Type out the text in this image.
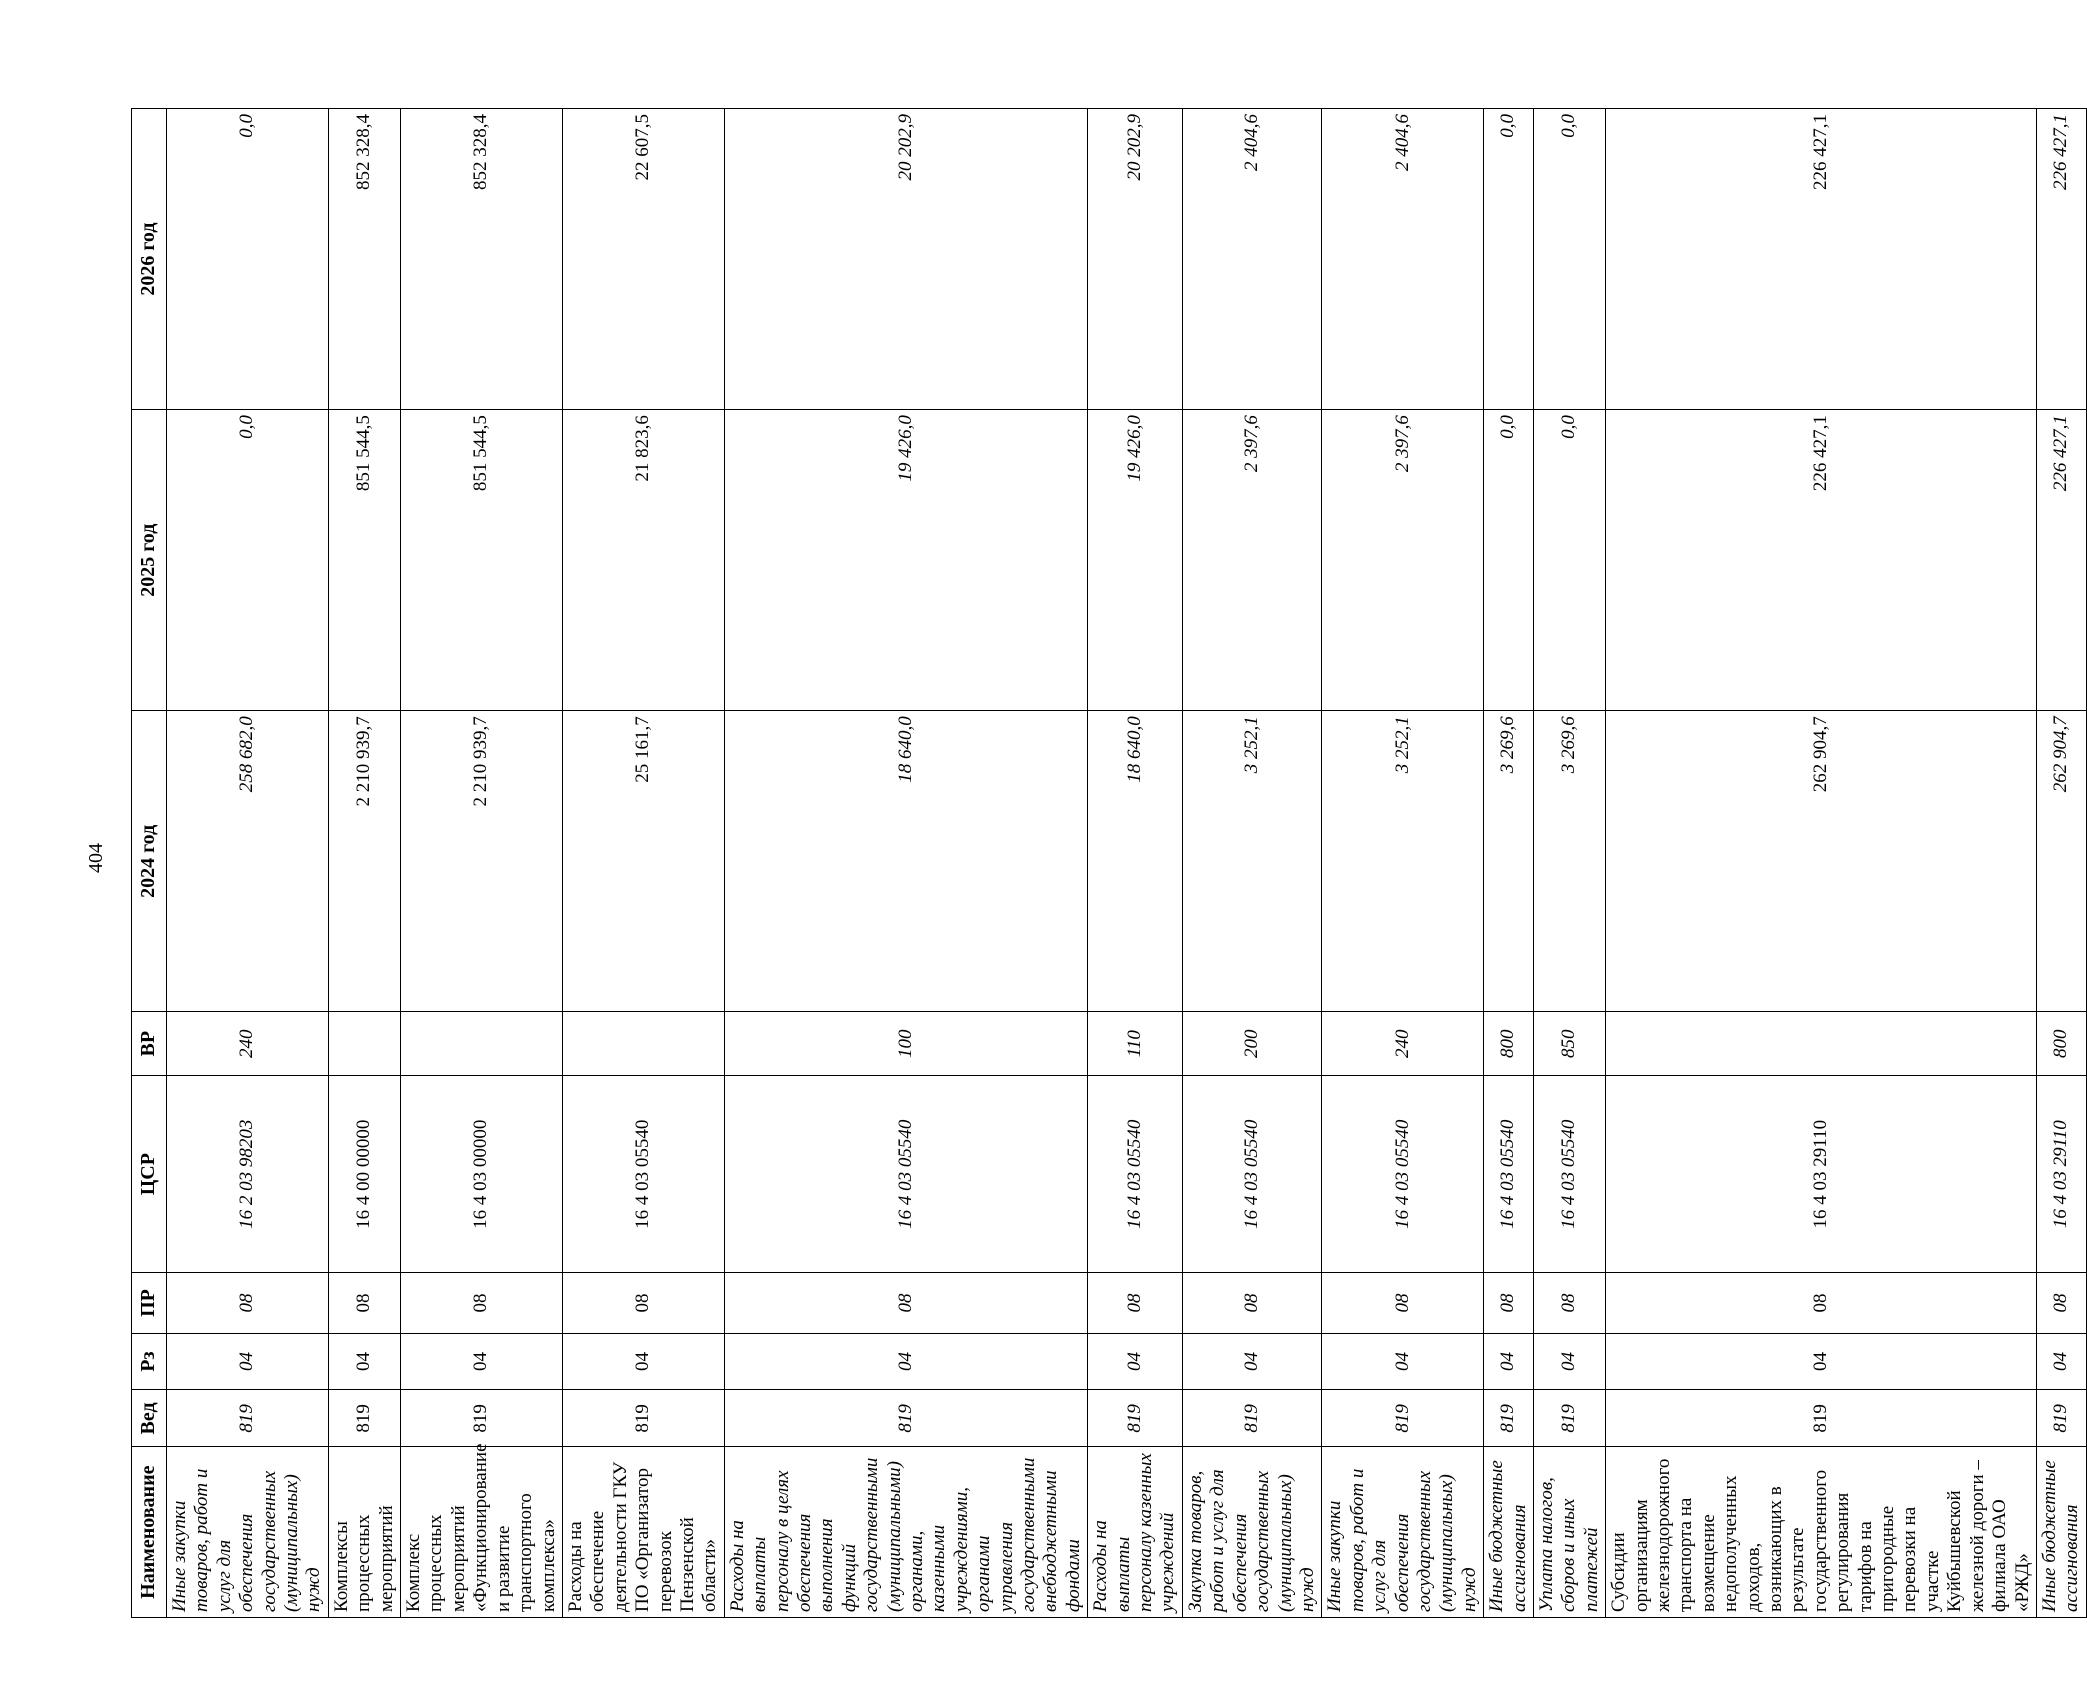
404
Наименование	Вед	Рз	ПР	ЦСР	ВР	2024 год	2025 год	2026 год
Иные закупки товаров, работ и услуг для обеспечения государственных (муниципальных) нужд	819	04	08	16 2 03 98203	240	258 682,0	0,0	0,0
Комплексы процессных мероприятий	819	04	08	16 4 00 00000		2 210 939,7	851 544,5	852 328,4
Комплекс процессных мероприятий «Функционирование и развитие транспортного комплекса»	819	04	08	16 4 03 00000		2 210 939,7	851 544,5	852 328,4
Расходы на обеспечение деятельности ГКУ ПО «Организатор перевозок Пензенской области»	819	04	08	16 4 03 05540		25 161,7	21 823,6	22 607,5
Расходы на выплаты персоналу в целях обеспечения выполнения функций государственными (муниципальными) органами, казенными учреждениями, органами управления государственными внебюджетными фондами	819	04	08	16 4 03 05540	100	18 640,0	19 426,0	20 202,9
Расходы на выплаты персоналу казенных учреждений	819	04	08	16 4 03 05540	110	18 640,0	19 426,0	20 202,9
Закупка товаров, работ и услуг для обеспечения государственных (муниципальных) нужд	819	04	08	16 4 03 05540	200	3 252,1	2 397,6	2 404,6
Иные закупки товаров, работ и услуг для обеспечения государственных (муниципальных) нужд	819	04	08	16 4 03 05540	240	3 252,1	2 397,6	2 404,6
Иные бюджетные ассигнования	819	04	08	16 4 03 05540	800	3 269,6	0,0	0,0
Уплата налогов, сборов и иных платежей	819	04	08	16 4 03 05540	850	3 269,6	0,0	0,0
Субсидии организациям железнодорожного транспорта на возмещение недополученных доходов, возникающих в результате государственного регулирования тарифов на пригородные перевозки на участке Куйбышевской железной дороги – филиала ОАО «РЖД»	819	04	08	16 4 03 29110		262 904,7	226 427,1	226 427,1
Иные бюджетные ассигнования	819	04	08	16 4 03 29110	800	262 904,7	226 427,1	226 427,1
